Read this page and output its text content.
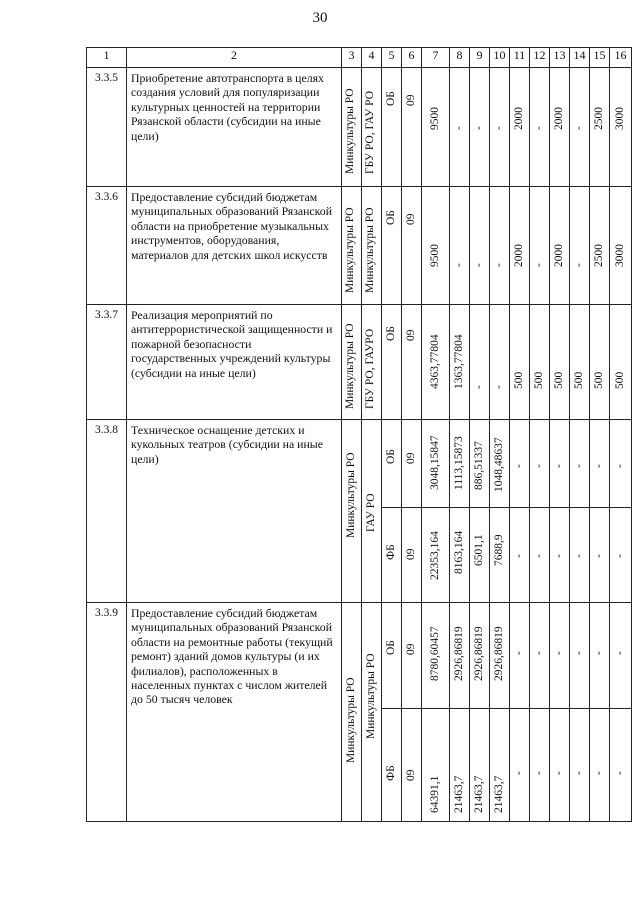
30
1	2	3	4	5	6	7	8	9	10	11	12	13	14	15	16
3.3.5	Приобретение автотранспорта в целях создания условий для популяризации культурных ценностей на территории Рязанской области (субсидии на иные цели)	Минкультуры РО	ГБУ РО, ГАУ РО	ОБ	09	9500	-	-	-	2000	-	2000	-	2500	3000

3.3.6	Предоставление субсидий бюджетам муниципальных образований Рязанской области на приобретение музыкальных инструментов, оборудования, материалов для детских школ искусств	Минкультуры РО	Минкультуры РО	ОБ	09	9500	-	-	-	2000	-	2000	-	2500	3000

3.3.7	Реализация мероприятий по антитеррористической защищенности и пожарной безопасности государственных учреждений культуры (субсидии на иные цели)	Минкультуры РО	ГБУ РО, ГАУРО	ОБ	09	4363,77804	1363,77804	-	-	500	500	500	500	500	500

3.3.8	Техническое оснащение детских и кукольных театров (субсидии на иные цели)	Минкультуры РО	ГАУ РО	ОБ	09	3048,15847	1113,15873	886,51337	1048,48637	-	-	-	-	-	-

				ФБ	09	22353,164	8163,164	6501,1	7688,9	-	-	-	-	-	-

3.3.9	Предоставление субсидий бюджетам муниципальных образований Рязанской области на ремонтные работы (текущий ремонт) зданий домов культуры (и их филиалов), расположенных в населенных пунктах с числом жителей до 50 тысяч человек	Минкультуры РО	Минкультуры РО	ОБ	09	8780,60457	2926,86819	2926,86819	2926,86819	-	-	-	-	-	-

				ФБ	09	64391,1	21463,7	21463,7	21463,7	-	-	-	-	-	-
